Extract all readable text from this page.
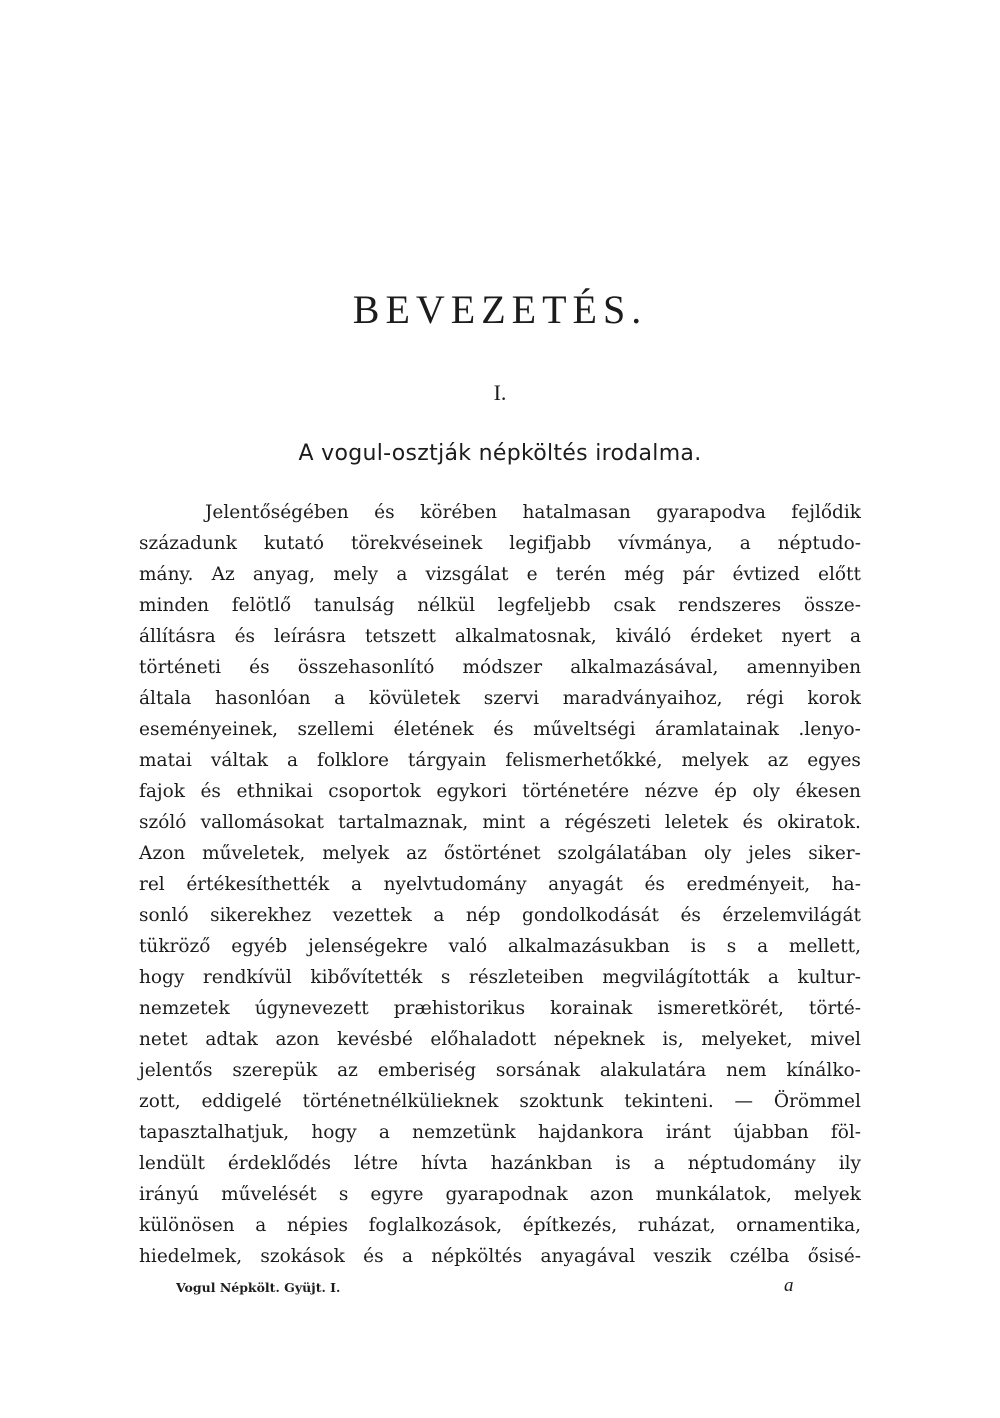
BEVEZETÉS.
I.
A vogul-osztják népköltés irodalma.
Jelentőségében és körében hatalmasan gyarapodva fejlődik
századunk kutató törekvéseinek legifjabb vívmánya, a néptudo-
mány. Az anyag, mely a vizsgálat e terén még pár évtized előtt
minden felötlő tanulság nélkül legfeljebb csak rendszeres össze-
állításra és leírásra tetszett alkalmatosnak, kiváló érdeket nyert a
történeti és összehasonlító módszer alkalmazásával, amennyiben
általa hasonlóan a kövületek szervi maradványaihoz, régi korok
eseményeinek, szellemi életének és műveltségi áramlatainak .lenyo-
matai váltak a folklore tárgyain felismerhetőkké, melyek az egyes
fajok és ethnikai csoportok egykori történetére nézve ép oly ékesen
szóló vallomásokat tartalmaznak, mint a régészeti leletek és okiratok.
Azon műveletek, melyek az őstörténet szolgálatában oly jeles siker-
rel értékesíthették a nyelvtudomány anyagát és eredményeit, ha-
sonló sikerekhez vezettek a nép gondolkodását és érzelemvilágát
tükröző egyéb jelenségekre való alkalmazásukban is s a mellett,
hogy rendkívül kibővítették s részleteiben megvilágították a kultur-
nemzetek úgynevezett præhistorikus korainak ismeretkörét, törté-
netet adtak azon kevésbé előhaladott népeknek is, melyeket, mivel
jelentős szerepük az emberiség sorsának alakulatára nem kínálko-
zott, eddigelé történetnélkülieknek szoktunk tekinteni. — Örömmel
tapasztalhatjuk, hogy a nemzetünk hajdankora iránt újabban föl-
lendült érdeklődés létre hívta hazánkban is a néptudomány ily
irányú művelését s egyre gyarapodnak azon munkálatok, melyek
különösen a népies foglalkozások, építkezés, ruházat, ornamentika,
hiedelmek, szokások és a népköltés anyagával veszik czélba ősisé-
Vogul Népkölt. Gyüjt. I.	a
